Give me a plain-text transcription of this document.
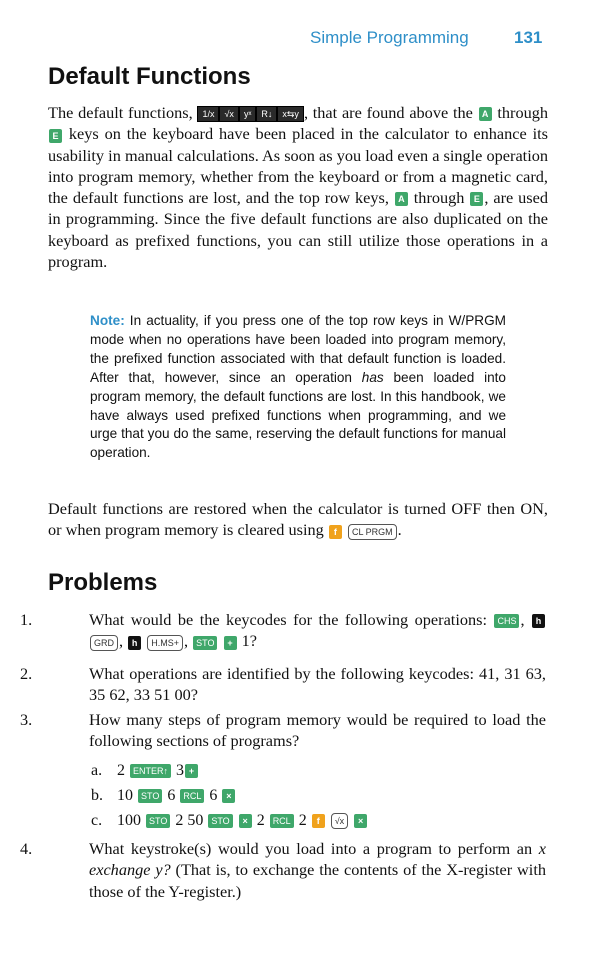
Simple Programming	131
Default Functions

The default functions, 1/x √x yˣ R↓ x⇆y , that are found above the A through E keys on the keyboard have been placed in the calculator to enhance its usability in manual calculations. As soon as you load even a single operation into program memory, whether from the keyboard or from a magnetic card, the default functions are lost, and the top row keys, A through E , are used in programming. Since the five default functions are also duplicated on the keyboard as prefixed functions, you can still utilize those operations in a program.

Note: In actuality, if you press one of the top row keys in W/PRGM mode when no operations have been loaded into program memory, the prefixed function associated with that default function is loaded. After that, however, since an operation has been loaded into program memory, the default functions are lost. In this handbook, we have always used prefixed functions when programming, and we urge that you do the same, reserving the default functions for manual operation.

Default functions are restored when the calculator is turned OFF then ON, or when program memory is cleared using f CL PRGM .

Problems
1.	What would be the keycodes for the following operations: CHS , h GRD , h H.MS+ , STO + 1?
2.	What operations are identified by the following keycodes: 41, 31 63, 35 62, 33 51 00?
3.	How many steps of program memory would be required to load the following sections of programs?
a. 2 ENTER↑ 3 +
b. 10 STO 6 RCL 6 ×
c. 100 STO 2 50 STO × 2 RCL 2 f √x ×
4.	What keystroke(s) would you load into a program to perform an x exchange y? (That is, to exchange the contents of the X-register with those of the Y-register.)
